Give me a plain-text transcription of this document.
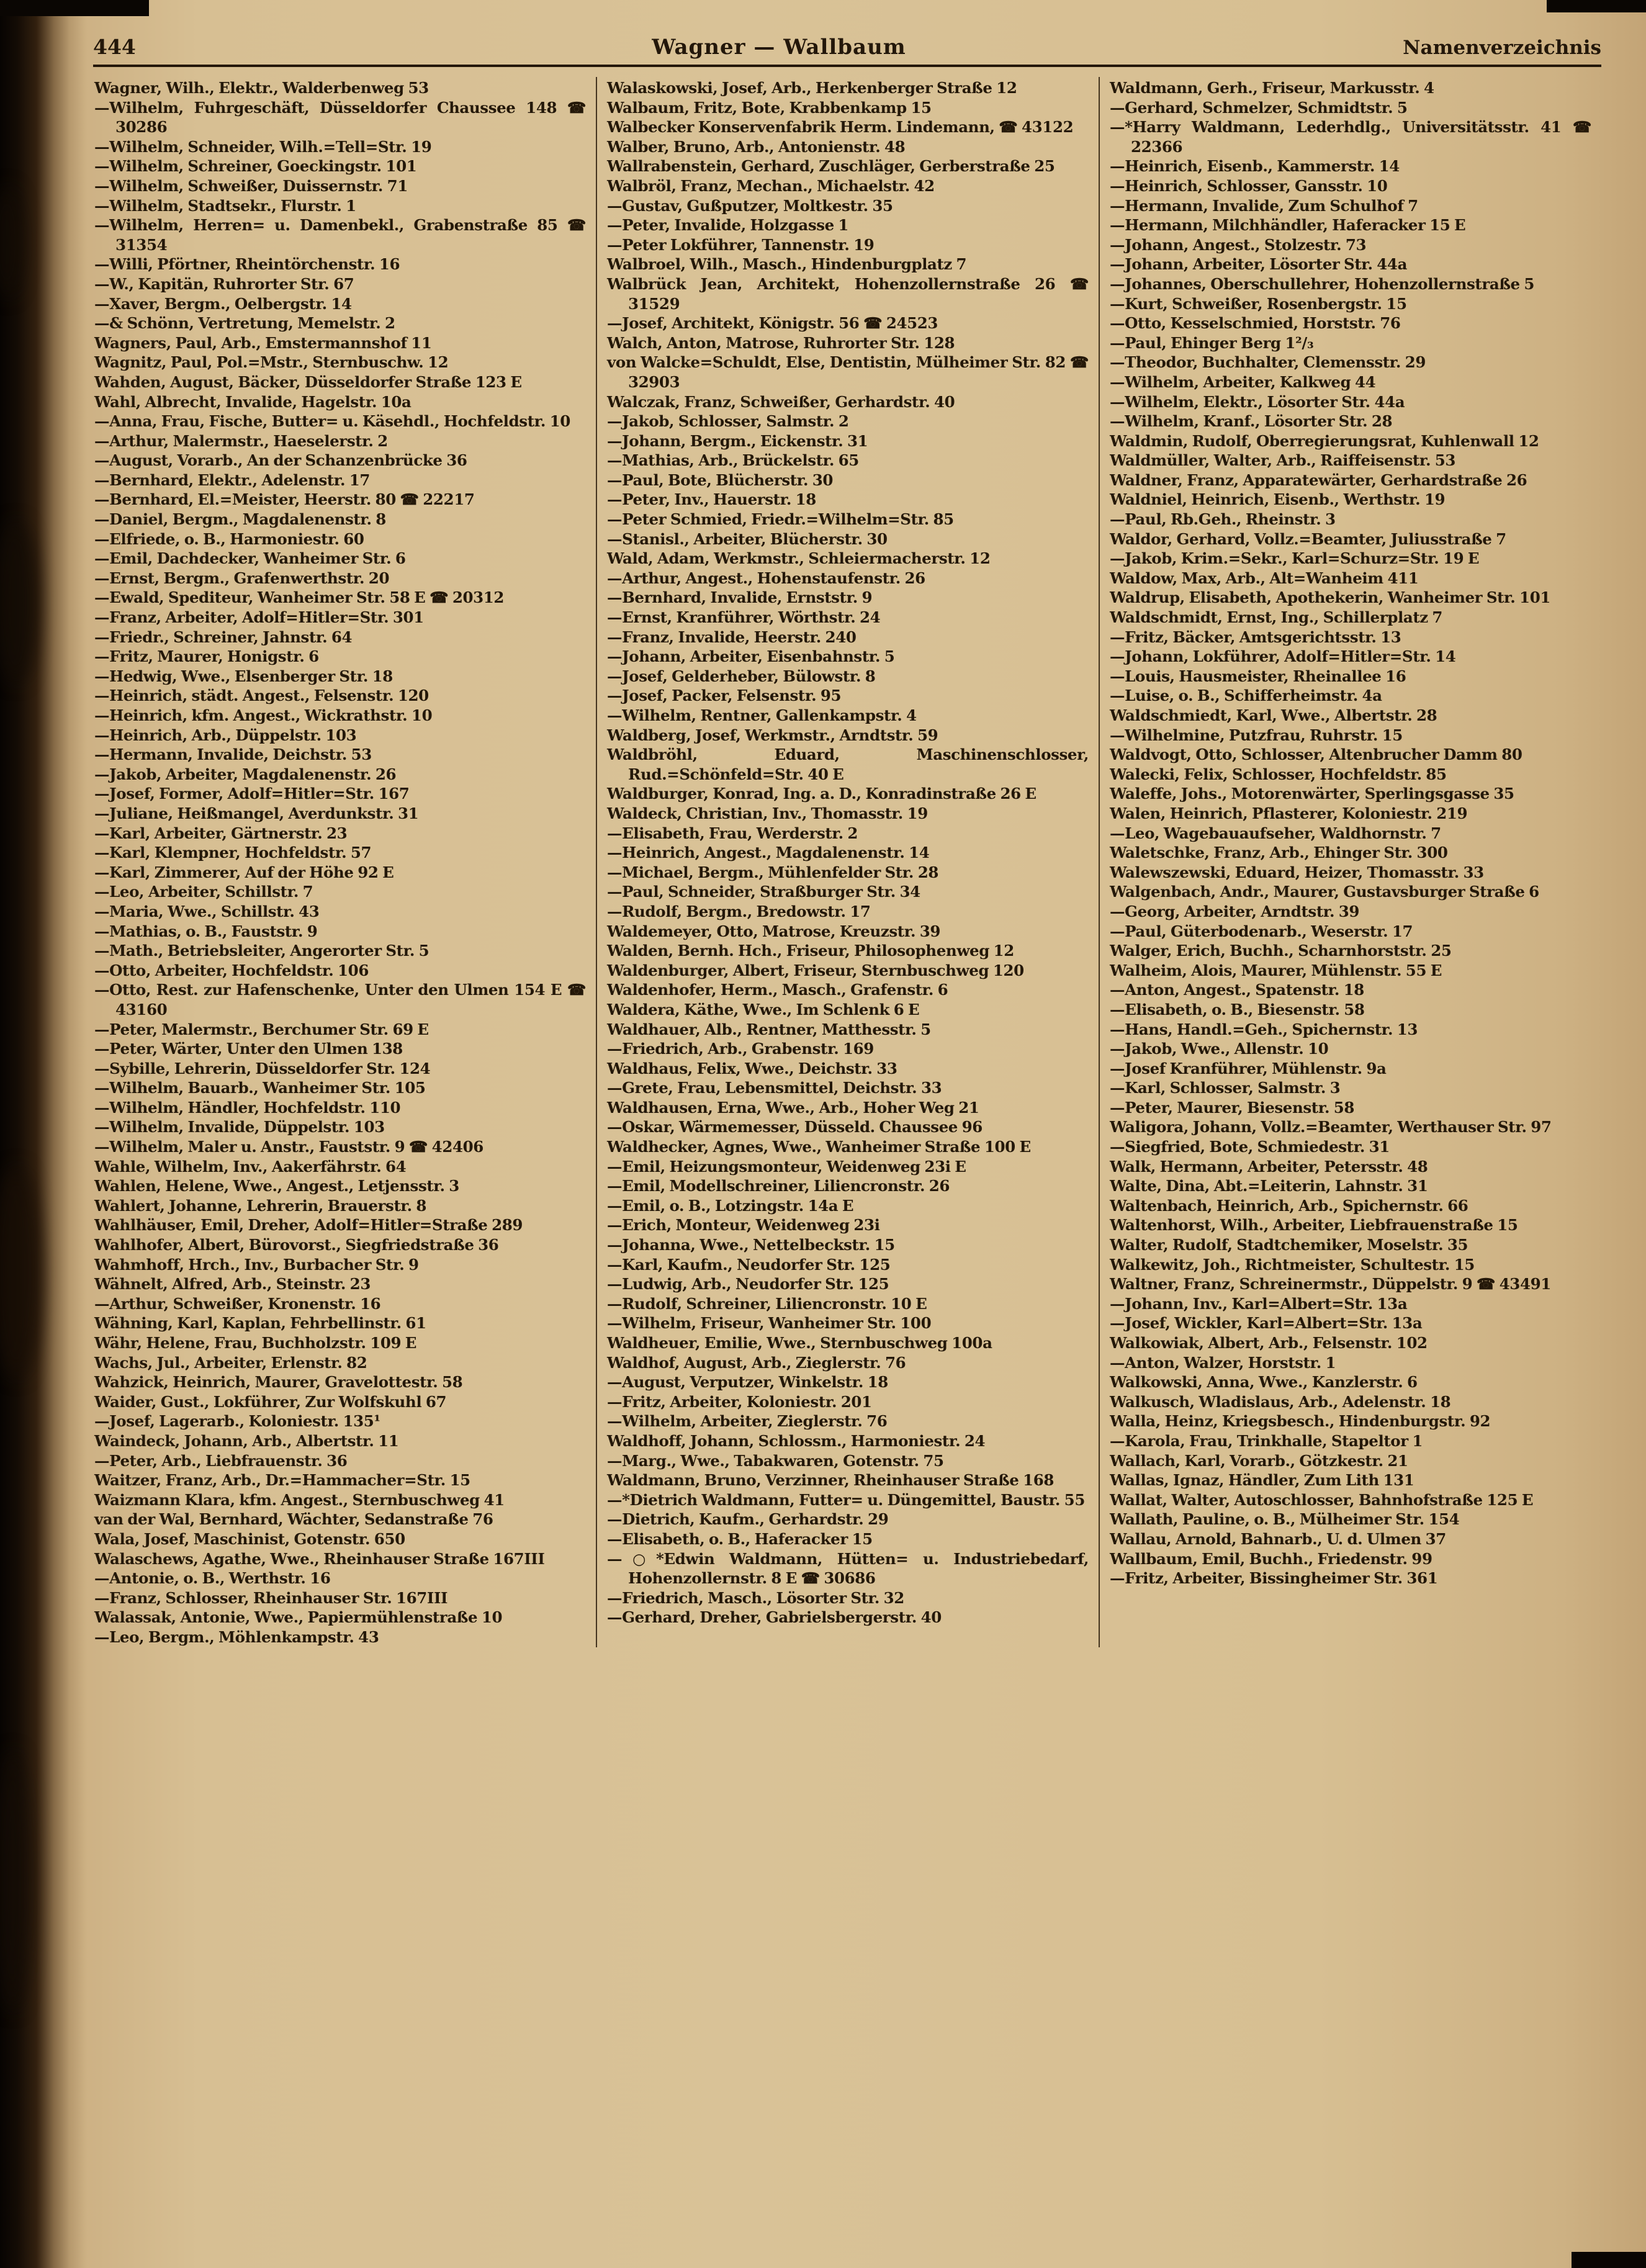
444	Wagner — Wallbaum	Namenverzeichnis
Wagner, Wilh., Elektr., Walderbenweg 53
—Wilhelm, Fuhrgeschäft, Düsseldorfer Chaussee 148 ☎ 30286
—Wilhelm, Schneider, Wilh.=Tell=Str. 19
—Wilhelm, Schreiner, Goeckingstr. 101
—Wilhelm, Schweißer, Duissernstr. 71
—Wilhelm, Stadtsekr., Flurstr. 1
—Wilhelm, Herren= u. Damenbekl., Grabenstraße 85 ☎ 31354
—Willi, Pförtner, Rheintörchenstr. 16
—W., Kapitän, Ruhrorter Str. 67
—Xaver, Bergm., Oelbergstr. 14
—& Schönn, Vertretung, Memelstr. 2
Wagners, Paul, Arb., Emstermannshof 11
Wagnitz, Paul, Pol.=Mstr., Sternbuschw. 12
Wahden, August, Bäcker, Düsseldorfer Straße 123 E
Wahl, Albrecht, Invalide, Hagelstr. 10a
—Anna, Frau, Fische, Butter= u. Käsehdl., Hochfeldstr. 10
—Arthur, Malermstr., Haeselerstr. 2
—August, Vorarb., An der Schanzenbrücke 36
—Bernhard, Elektr., Adelenstr. 17
—Bernhard, El.=Meister, Heerstr. 80 ☎ 22217
—Daniel, Bergm., Magdalenenstr. 8
—Elfriede, o. B., Harmoniestr. 60
—Emil, Dachdecker, Wanheimer Str. 6
—Ernst, Bergm., Grafenwerthstr. 20
—Ewald, Spediteur, Wanheimer Str. 58 E ☎ 20312
—Franz, Arbeiter, Adolf=Hitler=Str. 301
—Friedr., Schreiner, Jahnstr. 64
—Fritz, Maurer, Honigstr. 6
—Hedwig, Wwe., Elsenberger Str. 18
—Heinrich, städt. Angest., Felsenstr. 120
—Heinrich, kfm. Angest., Wickrathstr. 10
—Heinrich, Arb., Düppelstr. 103
—Hermann, Invalide, Deichstr. 53
—Jakob, Arbeiter, Magdalenenstr. 26
—Josef, Former, Adolf=Hitler=Str. 167
—Juliane, Heißmangel, Averdunkstr. 31
—Karl, Arbeiter, Gärtnerstr. 23
—Karl, Klempner, Hochfeldstr. 57
—Karl, Zimmerer, Auf der Höhe 92 E
—Leo, Arbeiter, Schillstr. 7
—Maria, Wwe., Schillstr. 43
—Mathias, o. B., Fauststr. 9
—Math., Betriebsleiter, Angerorter Str. 5
—Otto, Arbeiter, Hochfeldstr. 106
—Otto, Rest. zur Hafenschenke, Unter den Ulmen 154 E ☎ 43160
—Peter, Malermstr., Berchumer Str. 69 E
—Peter, Wärter, Unter den Ulmen 138
—Sybille, Lehrerin, Düsseldorfer Str. 124
—Wilhelm, Bauarb., Wanheimer Str. 105
—Wilhelm, Händler, Hochfeldstr. 110
—Wilhelm, Invalide, Düppelstr. 103
—Wilhelm, Maler u. Anstr., Fauststr. 9 ☎ 42406
Wahle, Wilhelm, Inv., Aakerfährstr. 64
Wahlen, Helene, Wwe., Angest., Letjensstr. 3
Wahlert, Johanne, Lehrerin, Brauerstr. 8
Wahlhäuser, Emil, Dreher, Adolf=Hitler=Straße 289
Wahlhofer, Albert, Bürovorst., Siegfriedstraße 36
Wahmhoff, Hrch., Inv., Burbacher Str. 9
Wähnelt, Alfred, Arb., Steinstr. 23
—Arthur, Schweißer, Kronenstr. 16
Wähning, Karl, Kaplan, Fehrbellinstr. 61
Währ, Helene, Frau, Buchholzstr. 109 E
Wachs, Jul., Arbeiter, Erlenstr. 82
Wahzick, Heinrich, Maurer, Gravelottestr. 58
Waider, Gust., Lokführer, Zur Wolfskuhl 67
—Josef, Lagerarb., Koloniestr. 135¹
Waindeck, Johann, Arb., Albertstr. 11
—Peter, Arb., Liebfrauenstr. 36
Waitzer, Franz, Arb., Dr.=Hammacher=Str. 15
Waizmann Klara, kfm. Angest., Sternbuschweg 41
van der Wal, Bernhard, Wächter, Sedanstraße 76
Wala, Josef, Maschinist, Gotenstr. 650
Walaschews, Agathe, Wwe., Rheinhauser Straße 167III
—Antonie, o. B., Werthstr. 16
—Franz, Schlosser, Rheinhauser Str. 167III
Walassak, Antonie, Wwe., Papiermühlenstraße 10
—Leo, Bergm., Möhlenkampstr. 43
Walaskowski, Josef, Arb., Herkenberger Straße 12
Walbaum, Fritz, Bote, Krabbenkamp 15
Walbecker Konservenfabrik Herm. Lindemann, ☎ 43122
Walber, Bruno, Arb., Antonienstr. 48
Wallrabenstein, Gerhard, Zuschläger, Gerberstraße 25
Walbröl, Franz, Mechan., Michaelstr. 42
—Gustav, Gußputzer, Moltkestr. 35
—Peter, Invalide, Holzgasse 1
—Peter Lokführer, Tannenstr. 19
Walbroel, Wilh., Masch., Hindenburgplatz 7
Walbrück Jean, Architekt, Hohenzollernstraße 26 ☎ 31529
—Josef, Architekt, Königstr. 56 ☎ 24523
Walch, Anton, Matrose, Ruhrorter Str. 128
von Walcke=Schuldt, Else, Dentistin, Mülheimer Str. 82 ☎ 32903
Walczak, Franz, Schweißer, Gerhardstr. 40
—Jakob, Schlosser, Salmstr. 2
—Johann, Bergm., Eickenstr. 31
—Mathias, Arb., Brückelstr. 65
—Paul, Bote, Blücherstr. 30
—Peter, Inv., Hauerstr. 18
—Peter Schmied, Friedr.=Wilhelm=Str. 85
—Stanisl., Arbeiter, Blücherstr. 30
Wald, Adam, Werkmstr., Schleiermacherstr. 12
—Arthur, Angest., Hohenstaufenstr. 26
—Bernhard, Invalide, Ernststr. 9
—Ernst, Kranführer, Wörthstr. 24
—Franz, Invalide, Heerstr. 240
—Johann, Arbeiter, Eisenbahnstr. 5
—Josef, Gelderheber, Bülowstr. 8
—Josef, Packer, Felsenstr. 95
—Wilhelm, Rentner, Gallenkampstr. 4
Waldberg, Josef, Werkmstr., Arndtstr. 59
Waldbröhl, Eduard, Maschinenschlosser, Rud.=Schönfeld=Str. 40 E
Waldburger, Konrad, Ing. a. D., Konradinstraße 26 E
Waldeck, Christian, Inv., Thomasstr. 19
—Elisabeth, Frau, Werderstr. 2
—Heinrich, Angest., Magdalenenstr. 14
—Michael, Bergm., Mühlenfelder Str. 28
—Paul, Schneider, Straßburger Str. 34
—Rudolf, Bergm., Bredowstr. 17
Waldemeyer, Otto, Matrose, Kreuzstr. 39
Walden, Bernh. Hch., Friseur, Philosophenweg 12
Waldenburger, Albert, Friseur, Sternbuschweg 120
Waldenhofer, Herm., Masch., Grafenstr. 6
Waldera, Käthe, Wwe., Im Schlenk 6 E
Waldhauer, Alb., Rentner, Matthesstr. 5
—Friedrich, Arb., Grabenstr. 169
Waldhaus, Felix, Wwe., Deichstr. 33
—Grete, Frau, Lebensmittel, Deichstr. 33
Waldhausen, Erna, Wwe., Arb., Hoher Weg 21
—Oskar, Wärmemesser, Düsseld. Chaussee 96
Waldhecker, Agnes, Wwe., Wanheimer Straße 100 E
—Emil, Heizungsmonteur, Weidenweg 23i E
—Emil, Modellschreiner, Liliencronstr. 26
—Emil, o. B., Lotzingstr. 14a E
—Erich, Monteur, Weidenweg 23i
—Johanna, Wwe., Nettelbeckstr. 15
—Karl, Kaufm., Neudorfer Str. 125
—Ludwig, Arb., Neudorfer Str. 125
—Rudolf, Schreiner, Liliencronstr. 10 E
—Wilhelm, Friseur, Wanheimer Str. 100
Waldheuer, Emilie, Wwe., Sternbuschweg 100a
Waldhof, August, Arb., Zieglerstr. 76
—August, Verputzer, Winkelstr. 18
—Fritz, Arbeiter, Koloniestr. 201
—Wilhelm, Arbeiter, Zieglerstr. 76
Waldhoff, Johann, Schlossm., Harmoniestr. 24
—Marg., Wwe., Tabakwaren, Gotenstr. 75
Waldmann, Bruno, Verzinner, Rheinhauser Straße 168
—*Dietrich Waldmann, Futter= u. Düngemittel, Baustr. 55
—Dietrich, Kaufm., Gerhardstr. 29
—Elisabeth, o. B., Haferacker 15
—○*Edwin Waldmann, Hütten= u. Industriebedarf, Hohenzollernstr. 8 E ☎ 30686
—Friedrich, Masch., Lösorter Str. 32
—Gerhard, Dreher, Gabrielsbergerstr. 40
Waldmann, Gerh., Friseur, Markusstr. 4
—Gerhard, Schmelzer, Schmidtstr. 5
—*Harry Waldmann, Lederhdlg., Universitätsstr. 41 ☎ 22366
—Heinrich, Eisenb., Kammerstr. 14
—Heinrich, Schlosser, Gansstr. 10
—Hermann, Invalide, Zum Schulhof 7
—Hermann, Milchhändler, Haferacker 15 E
—Johann, Angest., Stolzestr. 73
—Johann, Arbeiter, Lösorter Str. 44a
—Johannes, Oberschullehrer, Hohenzollernstraße 5
—Kurt, Schweißer, Rosenbergstr. 15
—Otto, Kesselschmied, Horststr. 76
—Paul, Ehinger Berg 1²/₃
—Theodor, Buchhalter, Clemensstr. 29
—Wilhelm, Arbeiter, Kalkweg 44
—Wilhelm, Elektr., Lösorter Str. 44a
—Wilhelm, Kranf., Lösorter Str. 28
Waldmin, Rudolf, Oberregierungsrat, Kuhlenwall 12
Waldmüller, Walter, Arb., Raiffeisenstr. 53
Waldner, Franz, Apparatewärter, Gerhardstraße 26
Waldniel, Heinrich, Eisenb., Werthstr. 19
—Paul, Rb.Geh., Rheinstr. 3
Waldor, Gerhard, Vollz.=Beamter, Juliusstraße 7
—Jakob, Krim.=Sekr., Karl=Schurz=Str. 19 E
Waldow, Max, Arb., Alt=Wanheim 411
Waldrup, Elisabeth, Apothekerin, Wanheimer Str. 101
Waldschmidt, Ernst, Ing., Schillerplatz 7
—Fritz, Bäcker, Amtsgerichtsstr. 13
—Johann, Lokführer, Adolf=Hitler=Str. 14
—Louis, Hausmeister, Rheinallee 16
—Luise, o. B., Schifferheimstr. 4a
Waldschmiedt, Karl, Wwe., Albertstr. 28
—Wilhelmine, Putzfrau, Ruhrstr. 15
Waldvogt, Otto, Schlosser, Altenbrucher Damm 80
Walecki, Felix, Schlosser, Hochfeldstr. 85
Waleffe, Johs., Motorenwärter, Sperlingsgasse 35
Walen, Heinrich, Pflasterer, Koloniestr. 219
—Leo, Wagebauaufseher, Waldhornstr. 7
Waletschke, Franz, Arb., Ehinger Str. 300
Walewszewski, Eduard, Heizer, Thomasstr. 33
Walgenbach, Andr., Maurer, Gustavsburger Straße 6
—Georg, Arbeiter, Arndtstr. 39
—Paul, Güterbodenarb., Weserstr. 17
Walger, Erich, Buchh., Scharnhorststr. 25
Walheim, Alois, Maurer, Mühlenstr. 55 E
—Anton, Angest., Spatenstr. 18
—Elisabeth, o. B., Biesenstr. 58
—Hans, Handl.=Geh., Spichernstr. 13
—Jakob, Wwe., Allenstr. 10
—Josef Kranführer, Mühlenstr. 9a
—Karl, Schlosser, Salmstr. 3
—Peter, Maurer, Biesenstr. 58
Waligora, Johann, Vollz.=Beamter, Werthauser Str. 97
—Siegfried, Bote, Schmiedestr. 31
Walk, Hermann, Arbeiter, Petersstr. 48
Walte, Dina, Abt.=Leiterin, Lahnstr. 31
Waltenbach, Heinrich, Arb., Spichernstr. 66
Waltenhorst, Wilh., Arbeiter, Liebfrauenstraße 15
Walter, Rudolf, Stadtchemiker, Moselstr. 35
Walkewitz, Joh., Richtmeister, Schultestr. 15
Waltner, Franz, Schreinermstr., Düppelstr. 9 ☎ 43491
—Johann, Inv., Karl=Albert=Str. 13a
—Josef, Wickler, Karl=Albert=Str. 13a
Walkowiak, Albert, Arb., Felsenstr. 102
—Anton, Walzer, Horststr. 1
Walkowski, Anna, Wwe., Kanzlerstr. 6
Walkusch, Wladislaus, Arb., Adelenstr. 18
Walla, Heinz, Kriegsbesch., Hindenburgstr. 92
—Karola, Frau, Trinkhalle, Stapeltor 1
Wallach, Karl, Vorarb., Götzkestr. 21
Wallas, Ignaz, Händler, Zum Lith 131
Wallat, Walter, Autoschlosser, Bahnhofstraße 125 E
Wallath, Pauline, o. B., Mülheimer Str. 154
Wallau, Arnold, Bahnarb., U. d. Ulmen 37
Wallbaum, Emil, Buchh., Friedenstr. 99
—Fritz, Arbeiter, Bissingheimer Str. 361
